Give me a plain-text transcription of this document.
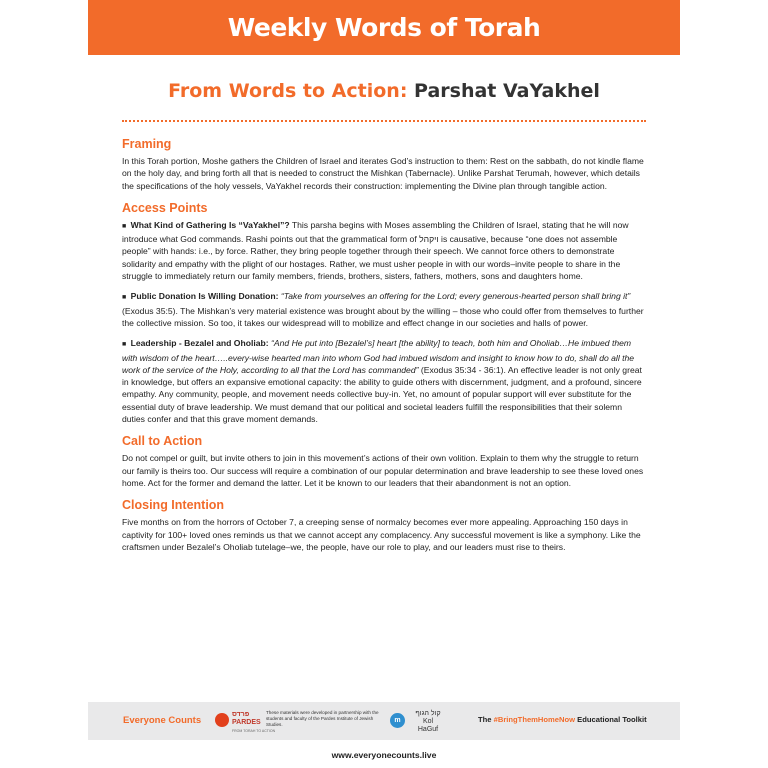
Weekly Words of Torah
From Words to Action: Parshat VaYakhel
Framing
In this Torah portion, Moshe gathers the Children of Israel and iterates God’s instruction to them: Rest on the sabbath, do not kindle flame on the holy day, and bring forth all that is needed to construct the Mishkan (Tabernacle). Unlike Parshat Terumah, however, which details the specifications of the holy vessels, VaYakhel records their construction: implementing the Divine plan through tangible action.
Access Points

■ What Kind of Gathering Is “VaYakhel”? This parsha begins with Moses assembling the Children of Israel, stating that he will now introduce what God commands. Rashi points out that the grammatical form of ויקהל is causative, because “one does not assemble people” with hands: i.e., by force. Rather, they bring people together through their speech. We cannot force others to demonstrate solidarity and empathy with the plight of our hostages. Rather, we must usher people in with our words–invite people to share in the struggle to immediately return our family members, friends, brothers, sisters, fathers, mothers, sons and daughters home.

■ Public Donation Is Willing Donation: “Take from yourselves an offering for the Lord; every generous-hearted person shall bring it” (Exodus 35:5). The Mishkan’s very material existence was brought about by the willing – those who could offer from themselves to further the collective mission. So too, it takes our widespread will to mobilize and effect change in our societies and halls of power.

■ Leadership - Bezalel and Oholiab: “And He put into [Bezalel’s] heart [the ability] to teach, both him and Oholiab…He imbued them with wisdom of the heart…..every-wise hearted man into whom God had imbued wisdom and insight to know how to do, shall do all the work of the service of the Holy, according to all that the Lord has commanded” (Exodus 35:34 - 36:1). An effective leader is not only great in knowledge, but offers an expansive emotional capacity: the ability to guide others with discernment, judgment, and a profound, sincere empathy. Any community, people, and movement needs collective buy-in. Yet, no amount of popular support will ever substitute for the essential duty of brave leadership. We must demand that our political and societal leaders fulfill the responsibilities that their solemn duties confer and that this grave moment demands.

Call to Action
Do not compel or guilt, but invite others to join in this movement’s actions of their own volition. Explain to them why the struggle to return our family is theirs too. Our success will require a combination of our popular determination and brave leadership to see these loved ones home. Act for the former and demand the latter. Let it be known to our leaders that their abandonment is not an option.
Closing Intention
Five months on from the horrors of October 7, a creeping sense of normalcy becomes ever more appealing. Approaching 150 days in captivity for 100+ loved ones reminds us that we cannot accept any complacency. Any successful movement is like a symphony. Like the craftsmen under Bezalel’s Oholiab tutelage–we, the people, have our role to play, and our leaders must rise to theirs.
Everyone Counts
פרדס
PARDES
FROM TORAH TO ACTION
These materials were developed in partnership with the students and faculty of the Pardes Institute of Jewish Studies.
m
קול הגוף
Kol HaGuf
The #BringThemHomeNow Educational Toolkit
www.everyonecounts.live
